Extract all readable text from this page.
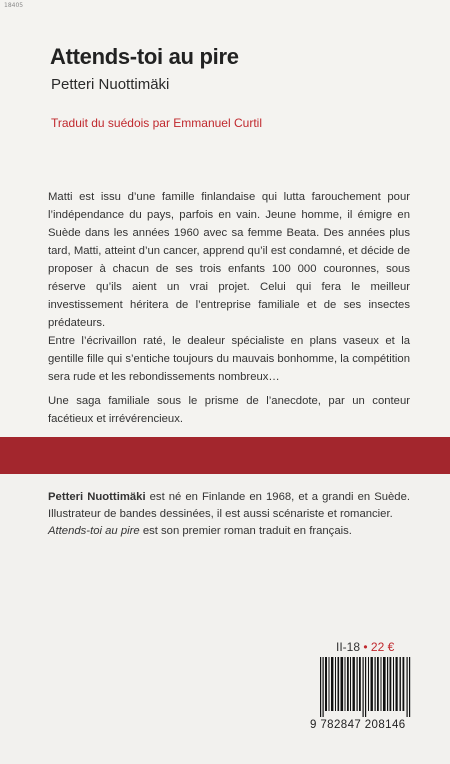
18405
Attends-toi au pire
Petteri Nuottimäki
Traduit du suédois par Emmanuel Curtil

Matti est issu d’une famille finlandaise qui lutta farouchement pour l’indépendance du pays, parfois en vain. Jeune homme, il émigre en Suède dans les années 1960 avec sa femme Beata. Des années plus tard, Matti, atteint d’un cancer, apprend qu’il est condamné, et décide de proposer à chacun de ses trois enfants 100 000 couronnes, sous réserve qu’ils aient un vrai projet. Celui qui fera le meilleur investissement héritera de l’entreprise familiale et de ses insectes prédateurs.

Entre l’écrivaillon raté, le dealeur spécialiste en plans vaseux et la gentille fille qui s’entiche toujours du mauvais bonhomme, la compétition sera rude et les rebondissements nombreux…

Une saga familiale sous le prisme de l’anecdote, par un conteur facétieux et irrévérencieux.

Petteri Nuottimäki est né en Finlande en 1968, et a grandi en Suède. Illustrateur de bandes dessinées, il est aussi scénariste et romancier.

Attends-toi au pire est son premier roman traduit en français.

II-18 • 22 €
9 782847 208146
